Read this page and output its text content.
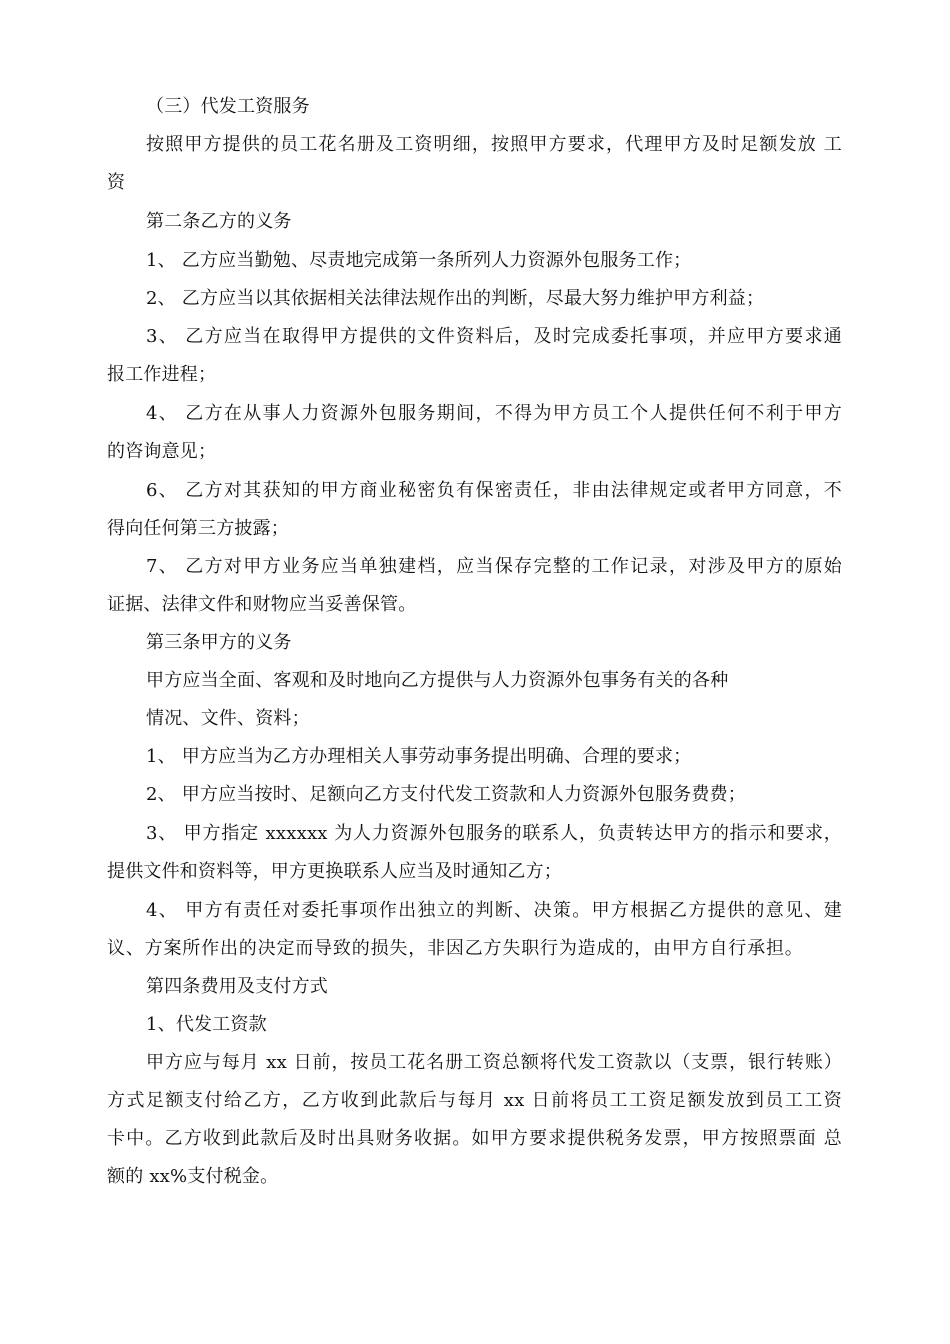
（三）代发工资服务
按照甲方提供的员工花名册及工资明细，按照甲方要求，代理甲方及时足额发放 工
资
第二条乙方的义务
1、 乙方应当勤勉、尽责地完成第一条所列人力资源外包服务工作；
2、 乙方应当以其依据相关法律法规作出的判断，尽最大努力维护甲方利益；
3、 乙方应当在取得甲方提供的文件资料后，及时完成委托事项，并应甲方要求通
报工作进程；
4、 乙方在从事人力资源外包服务期间，不得为甲方员工个人提供任何不利于甲方
的咨询意见；
6、 乙方对其获知的甲方商业秘密负有保密责任，非由法律规定或者甲方同意，不
得向任何第三方披露；
7、 乙方对甲方业务应当单独建档，应当保存完整的工作记录，对涉及甲方的原始
证据、法律文件和财物应当妥善保管。
第三条甲方的义务
甲方应当全面、客观和及时地向乙方提供与人力资源外包事务有关的各种
情况、文件、资料；
1、 甲方应当为乙方办理相关人事劳动事务提出明确、合理的要求；
2、 甲方应当按时、足额向乙方支付代发工资款和人力资源外包服务费费；
3、 甲方指定 xxxxxx 为人力资源外包服务的联系人，负责转达甲方的指示和要求，
提供文件和资料等，甲方更换联系人应当及时通知乙方；
4、 甲方有责任对委托事项作出独立的判断、决策。甲方根据乙方提供的意见、建
议、方案所作出的决定而导致的损失，非因乙方失职行为造成的，由甲方自行承担。
第四条费用及支付方式
1、代发工资款
甲方应与每月 xx 日前，按员工花名册工资总额将代发工资款以（支票，银行转账）
方式足额支付给乙方，乙方收到此款后与每月 xx 日前将员工工资足额发放到员工工资
卡中。乙方收到此款后及时出具财务收据。如甲方要求提供税务发票，甲方按照票面 总
额的 xx%支付税金。
